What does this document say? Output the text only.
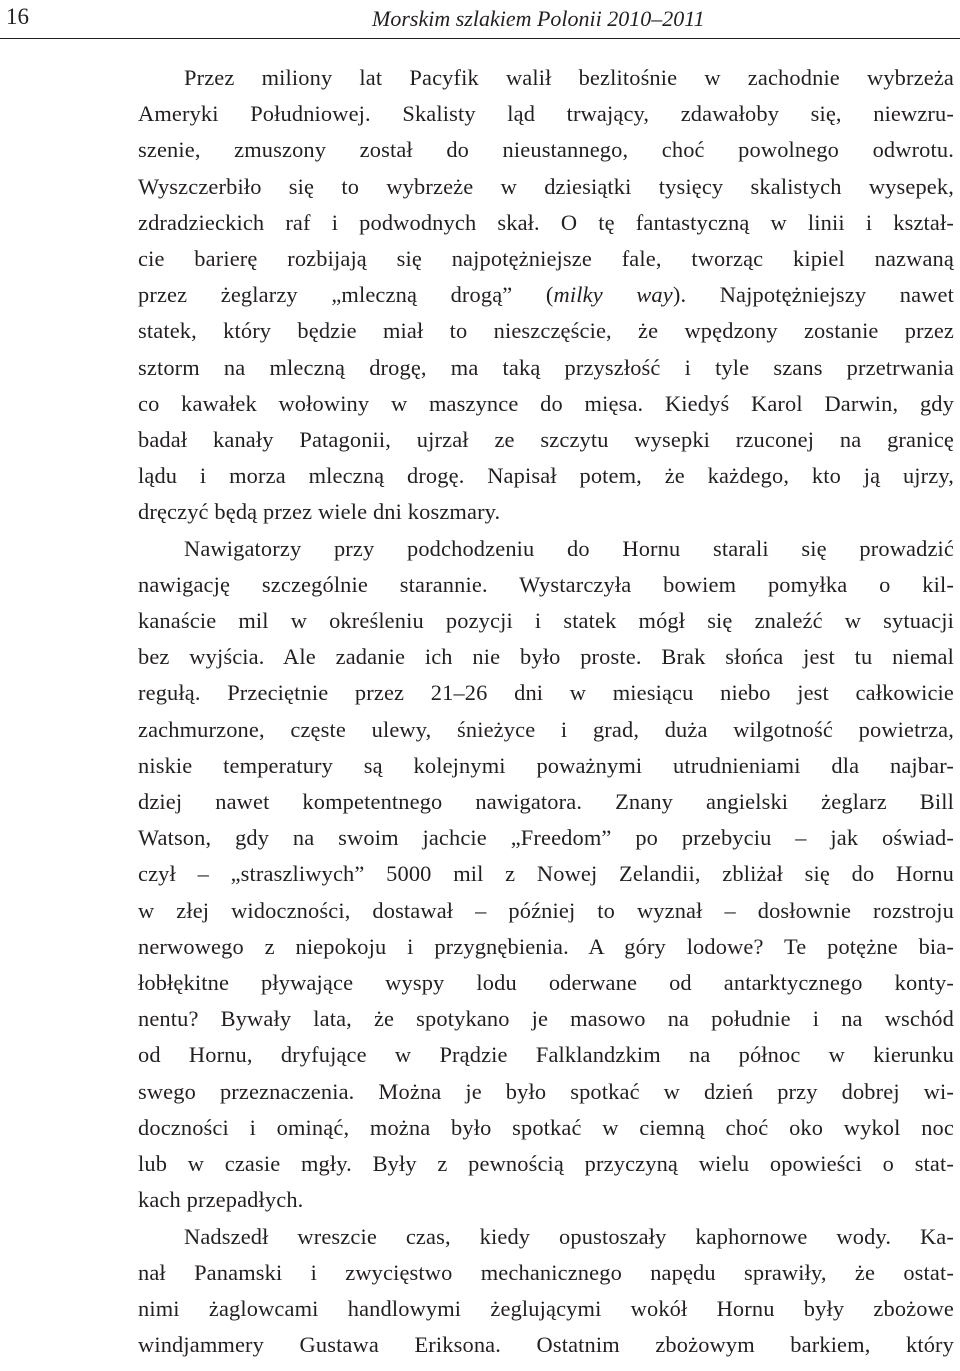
16	Morskim szlakiem Polonii 2010–2011

Przez miliony lat Pacyfik walił bezlitośnie w zachodnie wybrzeża
Ameryki Południowej. Skalisty ląd trwający, zdawałoby się, niewzru-
szenie, zmuszony został do nieustannego, choć powolnego odwrotu.
Wyszczerbiło się to wybrzeże w dziesiątki tysięcy skalistych wysepek,
zdradzieckich raf i podwodnych skał. O tę fantastyczną w linii i kształ-
cie barierę rozbijają się najpotężniejsze fale, tworząc kipiel nazwaną
przez żeglarzy „mleczną drogą” (milky way). Najpotężniejszy nawet
statek, który będzie miał to nieszczęście, że wpędzony zostanie przez
sztorm na mleczną drogę, ma taką przyszłość i tyle szans przetrwania
co kawałek wołowiny w maszynce do mięsa. Kiedyś Karol Darwin, gdy
badał kanały Patagonii, ujrzał ze szczytu wysepki rzuconej na granicę
lądu i morza mleczną drogę. Napisał potem, że każdego, kto ją ujrzy,
dręczyć będą przez wiele dni koszmary.

Nawigatorzy przy podchodzeniu do Hornu starali się prowadzić
nawigację szczególnie starannie. Wystarczyła bowiem pomyłka o kil-
kanaście mil w określeniu pozycji i statek mógł się znaleźć w sytuacji
bez wyjścia. Ale zadanie ich nie było proste. Brak słońca jest tu niemal
regułą. Przeciętnie przez 21–26 dni w miesiącu niebo jest całkowicie
zachmurzone, częste ulewy, śnieżyce i grad, duża wilgotność powietrza,
niskie temperatury są kolejnymi poważnymi utrudnieniami dla najbar-
dziej nawet kompetentnego nawigatora. Znany angielski żeglarz Bill
Watson, gdy na swoim jachcie „Freedom” po przebyciu – jak oświad-
czył – „straszliwych” 5000 mil z Nowej Zelandii, zbliżał się do Hornu
w złej widoczności, dostawał – później to wyznał – dosłownie rozstroju
nerwowego z niepokoju i przygnębienia. A góry lodowe? Te potężne bia-
łobłękitne pływające wyspy lodu oderwane od antarktycznego konty-
nentu? Bywały lata, że spotykano je masowo na południe i na wschód
od Hornu, dryfujące w Prądzie Falklandzkim na północ w kierunku
swego przeznaczenia. Można je było spotkać w dzień przy dobrej wi-
doczności i ominąć, można było spotkać w ciemną choć oko wykol noc
lub w czasie mgły. Były z pewnością przyczyną wielu opowieści o stat-
kach przepadłych.

Nadszedł wreszcie czas, kiedy opustoszały kaphornowe wody. Ka-
nał Panamski i zwycięstwo mechanicznego napędu sprawiły, że ostat-
nimi żaglowcami handlowymi żeglującymi wokół Hornu były zbożowe
windjammery Gustawa Eriksona. Ostatnim zbożowym barkiem, który
